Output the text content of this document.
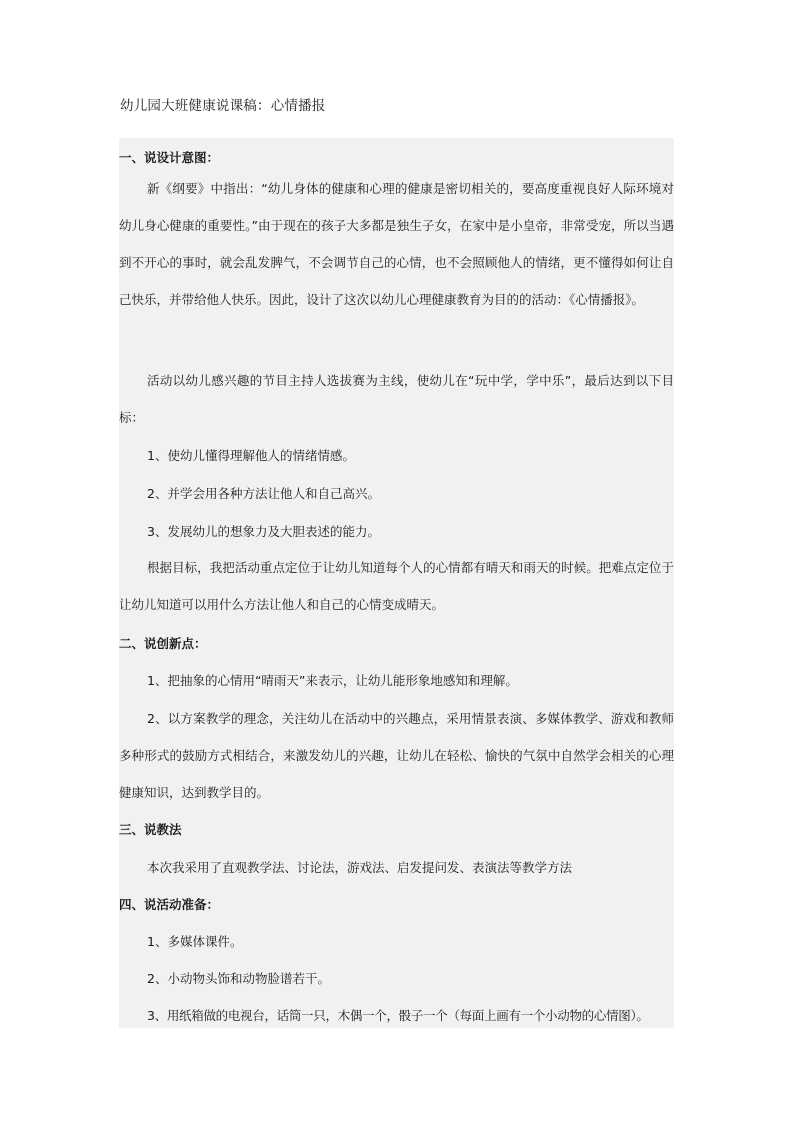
幼儿园大班健康说课稿：心情播报
一、说设计意图：
新《纲要》中指出：“幼儿身体的健康和心理的健康是密切相关的，要高度重视良好人际环境对幼儿身心健康的重要性。”由于现在的孩子大多都是独生子女，在家中是小皇帝，非常受宠，所以当遇到不开心的事时，就会乱发脾气，不会调节自己的心情，也不会照顾他人的情绪，更不懂得如何让自己快乐，并带给他人快乐。因此，设计了这次以幼儿心理健康教育为目的的活动：《心情播报》。
活动以幼儿感兴趣的节目主持人选拔赛为主线，使幼儿在“玩中学，学中乐”，最后达到以下目标：
1、使幼儿懂得理解他人的情绪情感。
2、并学会用各种方法让他人和自己高兴。
3、发展幼儿的想象力及大胆表述的能力。
根据目标，我把活动重点定位于让幼儿知道每个人的心情都有晴天和雨天的时候。把难点定位于让幼儿知道可以用什么方法让他人和自己的心情变成晴天。
二、说创新点：
1、把抽象的心情用“晴雨天”来表示，让幼儿能形象地感知和理解。
2、以方案教学的理念，关注幼儿在活动中的兴趣点，采用情景表演、多媒体教学、游戏和教师多种形式的鼓励方式相结合，来激发幼儿的兴趣，让幼儿在轻松、愉快的气氛中自然学会相关的心理健康知识，达到教学目的。
三、说教法
本次我采用了直观教学法、讨论法，游戏法、启发提问发、表演法等教学方法
四、说活动准备：
1、多媒体课件。
2、小动物头饰和动物脸谱若干。
3、用纸箱做的电视台，话筒一只，木偶一个，骰子一个（每面上画有一个小动物的心情图）。
